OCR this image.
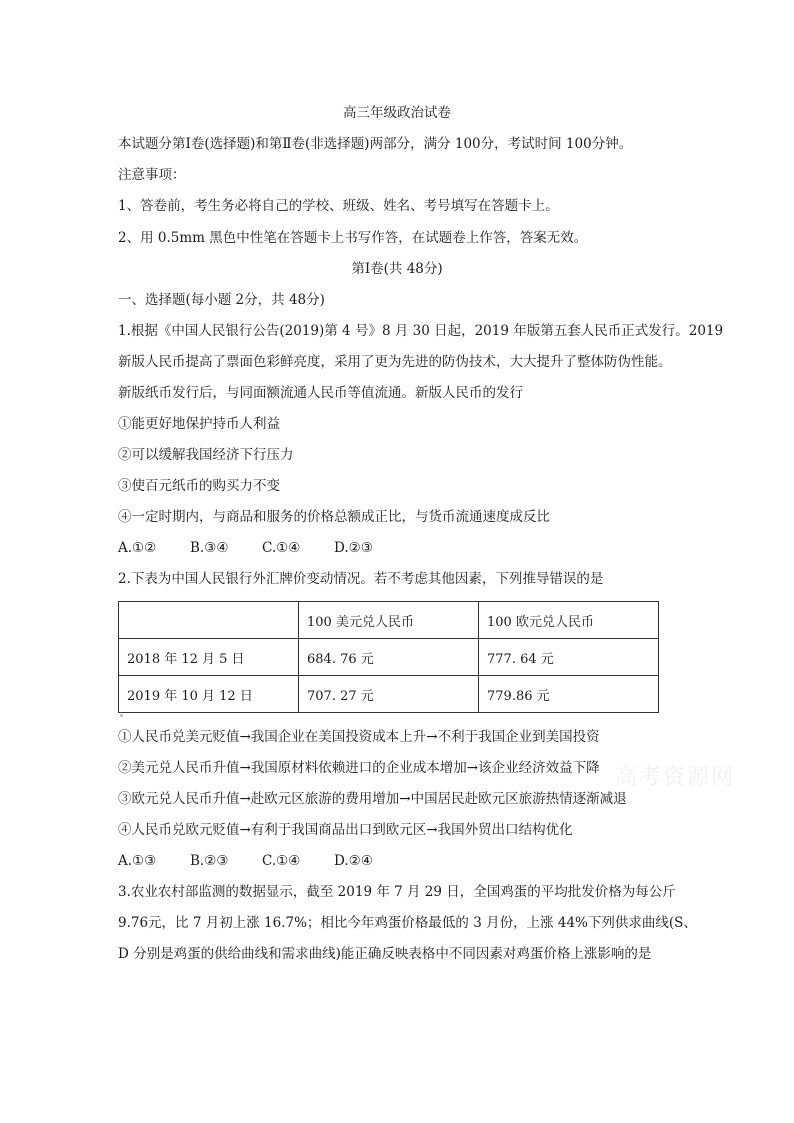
高三年级政治试卷
本试题分第Ⅰ卷(选择题)和第Ⅱ卷(非选择题)两部分，满分 100分，考试时间 100分钟。
注意事项：
1、答卷前，考生务必将自己的学校、班级、姓名、考号填写在答题卡上。
2、用 0.5mm 黑色中性笔在答题卡上书写作答，在试题卷上作答，答案无效。
第Ⅰ卷(共 48分)
一、选择题(每小题 2分，共 48分)
1.根据《中国人民银行公告(2019)第 4 号》8 月 30 日起，2019 年版第五套人民币正式发行。2019
新版人民币提高了票面色彩鲜亮度，采用了更为先进的防伪技术，大大提升了整体防伪性能。
新版纸币发行后，与同面额流通人民币等值流通。新版人民币的发行
①能更好地保护持币人利益
②可以缓解我国经济下行压力
③使百元纸币的购买力不变
④一定时期内，与商品和服务的价格总额成正比，与货币流通速度成反比
A.①②	B.③④ C.①④ D.②③
2.下表为中国人民银行外汇牌价变动情况。若不考虑其他因素，下列推导错误的是
	100 美元兑人民币	100 欧元兑人民币
2018 年 12 月 5 日	684. 76 元	777. 64 元
2019 年 10 月 12 日	707. 27 元	779.86 元
①人民币兑美元贬值→我国企业在美国投资成本上升→不利于我国企业到美国投资
②美元兑人民币升值→我国原材料依赖进口的企业成本增加→该企业经济效益下降
③欧元兑人民币升值→赴欧元区旅游的费用增加→中国居民赴欧元区旅游热情逐渐减退
④人民币兑欧元贬值→有利于我国商品出口到欧元区→我国外贸出口结构优化
A.①③	B.②③ C.①④ D.②④
3.农业农村部监测的数据显示，截至 2019 年 7 月 29 日，全国鸡蛋的平均批发价格为每公斤
9.76元，比 7 月初上涨 16.7%；相比今年鸡蛋价格最低的 3 月份，上涨 44%下列供求曲线(S、
D 分别是鸡蛋的供给曲线和需求曲线)能正确反映表格中不同因素对鸡蛋价格上涨影响的是
高考资源网
